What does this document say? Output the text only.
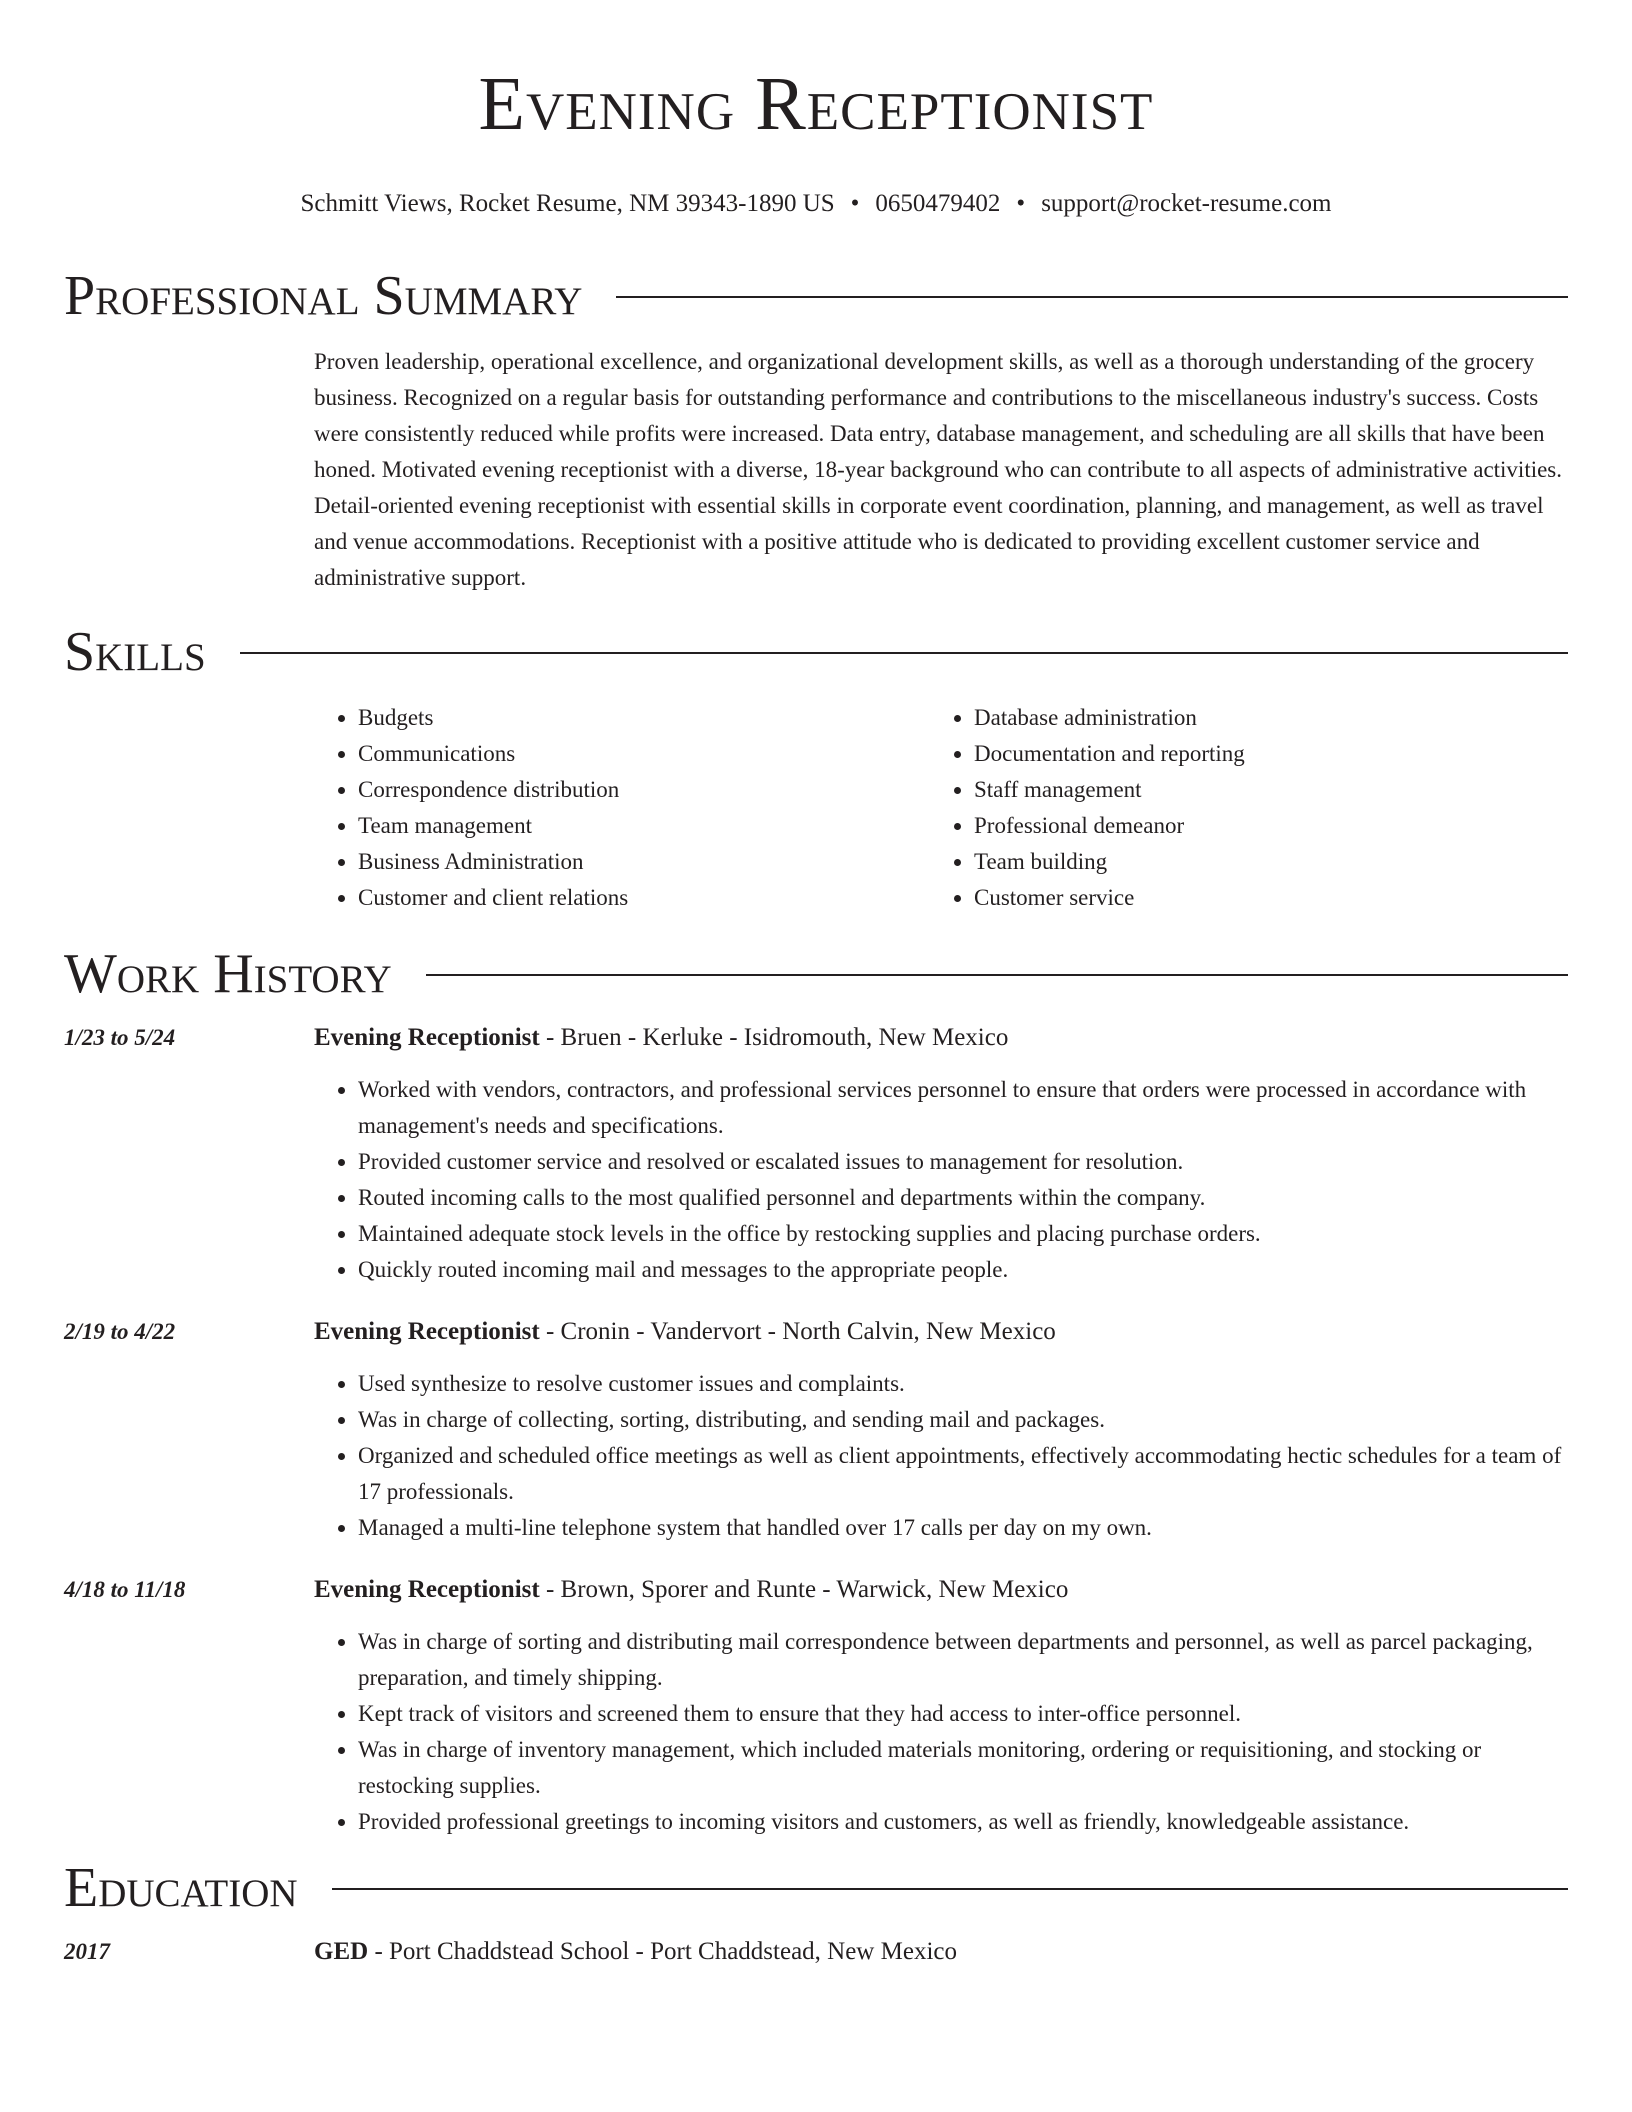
Evening Receptionist
Schmitt Views, Rocket Resume, NM 39343-1890 US • 0650479402 • support@rocket-resume.com
Professional Summary

Proven leadership, operational excellence, and organizational development skills, as well as a thorough understanding of the grocery business. Recognized on a regular basis for outstanding performance and contributions to the miscellaneous industry's success. Costs were consistently reduced while profits were increased. Data entry, database management, and scheduling are all skills that have been honed. Motivated evening receptionist with a diverse, 18-year background who can contribute to all aspects of administrative activities. Detail-oriented evening receptionist with essential skills in corporate event coordination, planning, and management, as well as travel and venue accommodations. Receptionist with a positive attitude who is dedicated to providing excellent customer service and administrative support.

Skills
• Budgets
• Communications
• Correspondence distribution
• Team management
• Business Administration
• Customer and client relations
• Database administration
• Documentation and reporting
• Staff management
• Professional demeanor
• Team building
• Customer service
Work History
1/23 to 5/24	Evening Receptionist - Bruen - Kerluke - Isidromouth, New Mexico
• Worked with vendors, contractors, and professional services personnel to ensure that orders were processed in accordance with management's needs and specifications.
• Provided customer service and resolved or escalated issues to management for resolution.
• Routed incoming calls to the most qualified personnel and departments within the company.
• Maintained adequate stock levels in the office by restocking supplies and placing purchase orders.
• Quickly routed incoming mail and messages to the appropriate people.
2/19 to 4/22	Evening Receptionist - Cronin - Vandervort - North Calvin, New Mexico
• Used synthesize to resolve customer issues and complaints.
• Was in charge of collecting, sorting, distributing, and sending mail and packages.
• Organized and scheduled office meetings as well as client appointments, effectively accommodating hectic schedules for a team of 17 professionals.
• Managed a multi-line telephone system that handled over 17 calls per day on my own.
4/18 to 11/18	Evening Receptionist - Brown, Sporer and Runte - Warwick, New Mexico
• Was in charge of sorting and distributing mail correspondence between departments and personnel, as well as parcel packaging, preparation, and timely shipping.
• Kept track of visitors and screened them to ensure that they had access to inter-office personnel.
• Was in charge of inventory management, which included materials monitoring, ordering or requisitioning, and stocking or restocking supplies.
• Provided professional greetings to incoming visitors and customers, as well as friendly, knowledgeable assistance.
Education
2017	GED - Port Chaddstead School - Port Chaddstead, New Mexico
